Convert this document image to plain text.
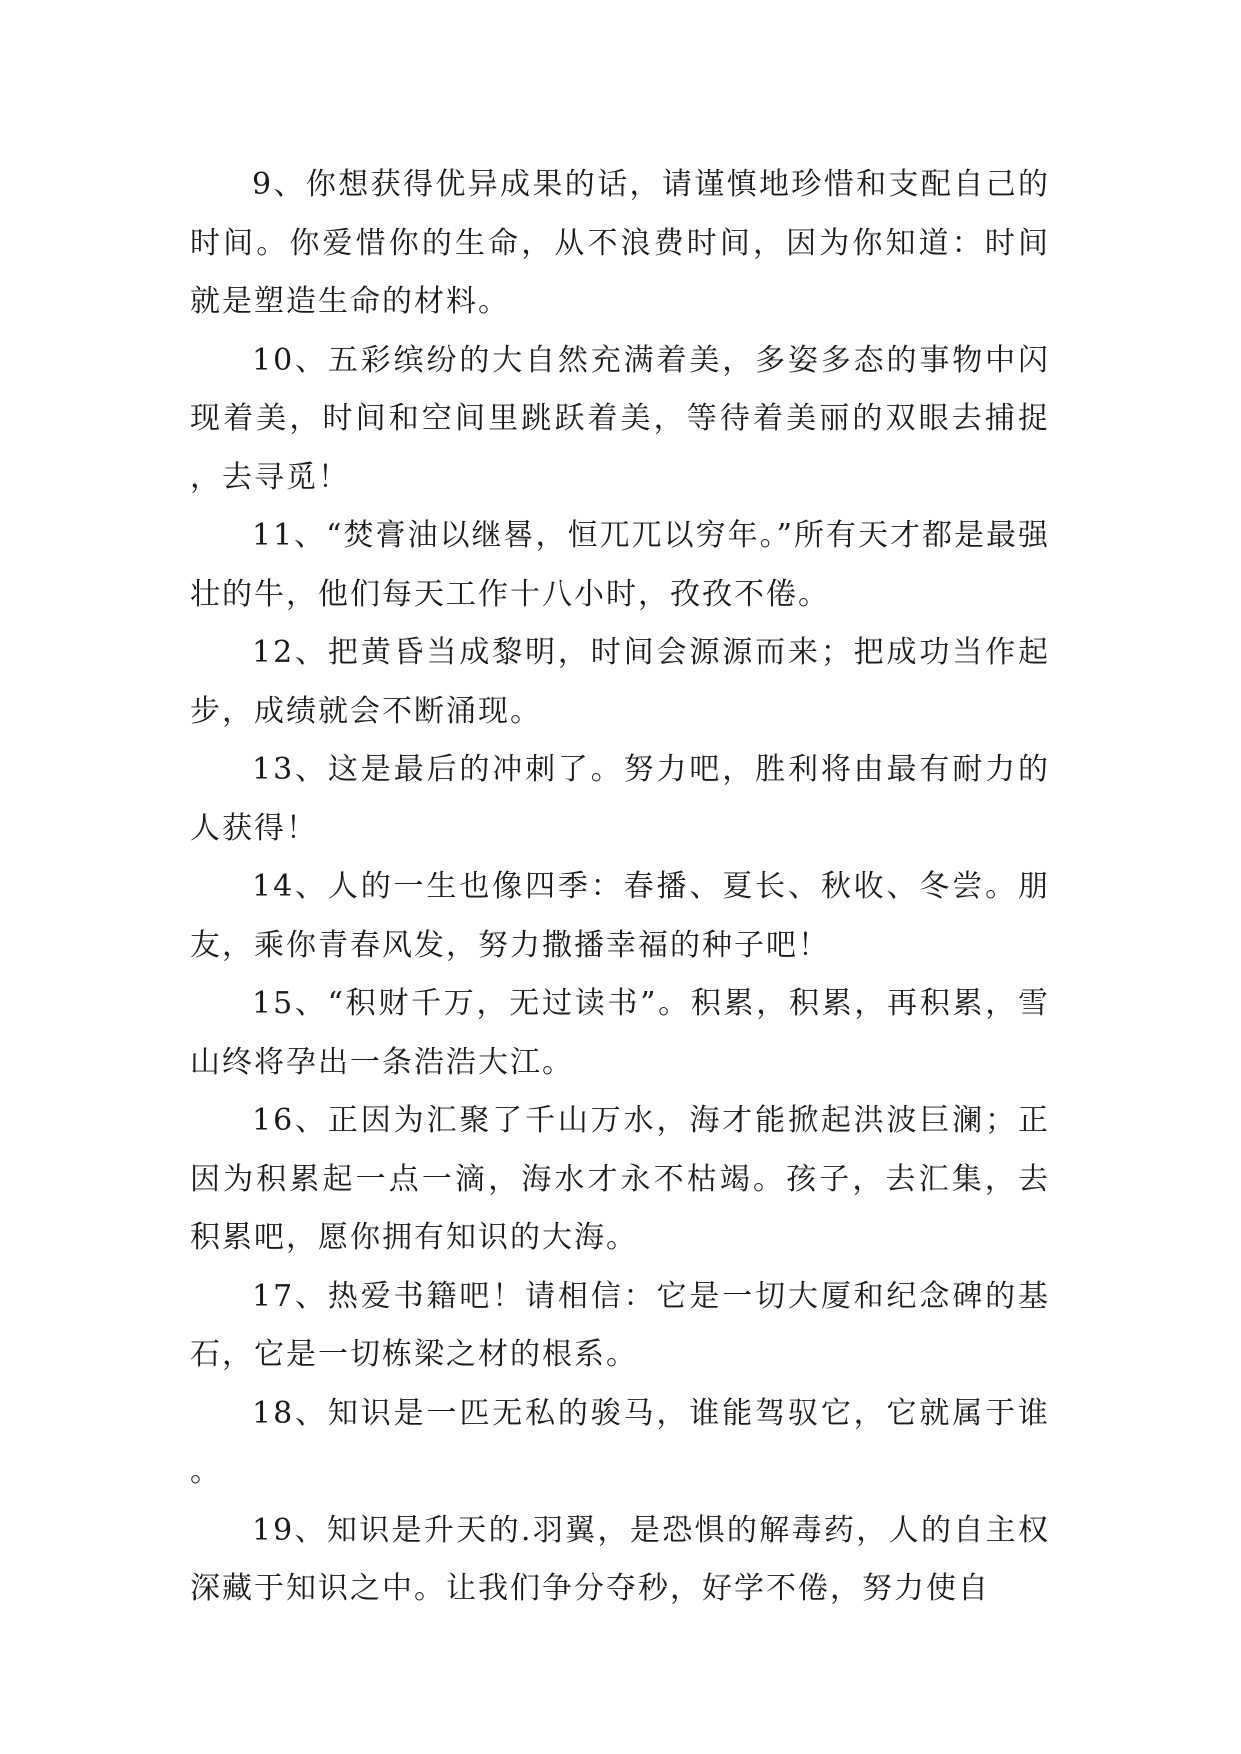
9、你想获得优异成果的话，请谨慎地珍惜和支配自己的时间。你爱惜你的生命，从不浪费时间，因为你知道：时间就是塑造生命的材料。

10、五彩缤纷的大自然充满着美，多姿多态的事物中闪现着美，时间和空间里跳跃着美，等待着美丽的双眼去捕捉，去寻觅！

11、“焚膏油以继晷，恒兀兀以穷年。”所有天才都是最强壮的牛，他们每天工作十八小时，孜孜不倦。

12、把黄昏当成黎明，时间会源源而来；把成功当作起步，成绩就会不断涌现。

13、这是最后的冲刺了。努力吧，胜利将由最有耐力的人获得！

14、人的一生也像四季：春播、夏长、秋收、冬尝。朋友，乘你青春风发，努力撒播幸福的种子吧！

15、“积财千万，无过读书”。积累，积累，再积累，雪山终将孕出一条浩浩大江。

16、正因为汇聚了千山万水，海才能掀起洪波巨澜；正因为积累起一点一滴，海水才永不枯竭。孩子，去汇集，去积累吧，愿你拥有知识的大海。

17、热爱书籍吧！请相信：它是一切大厦和纪念碑的基石，它是一切栋梁之材的根系。

18、知识是一匹无私的骏马，谁能驾驭它，它就属于谁。

19、知识是升天的.羽翼，是恐惧的解毒药，人的自主权深藏于知识之中。让我们争分夺秒，好学不倦，努力使自
